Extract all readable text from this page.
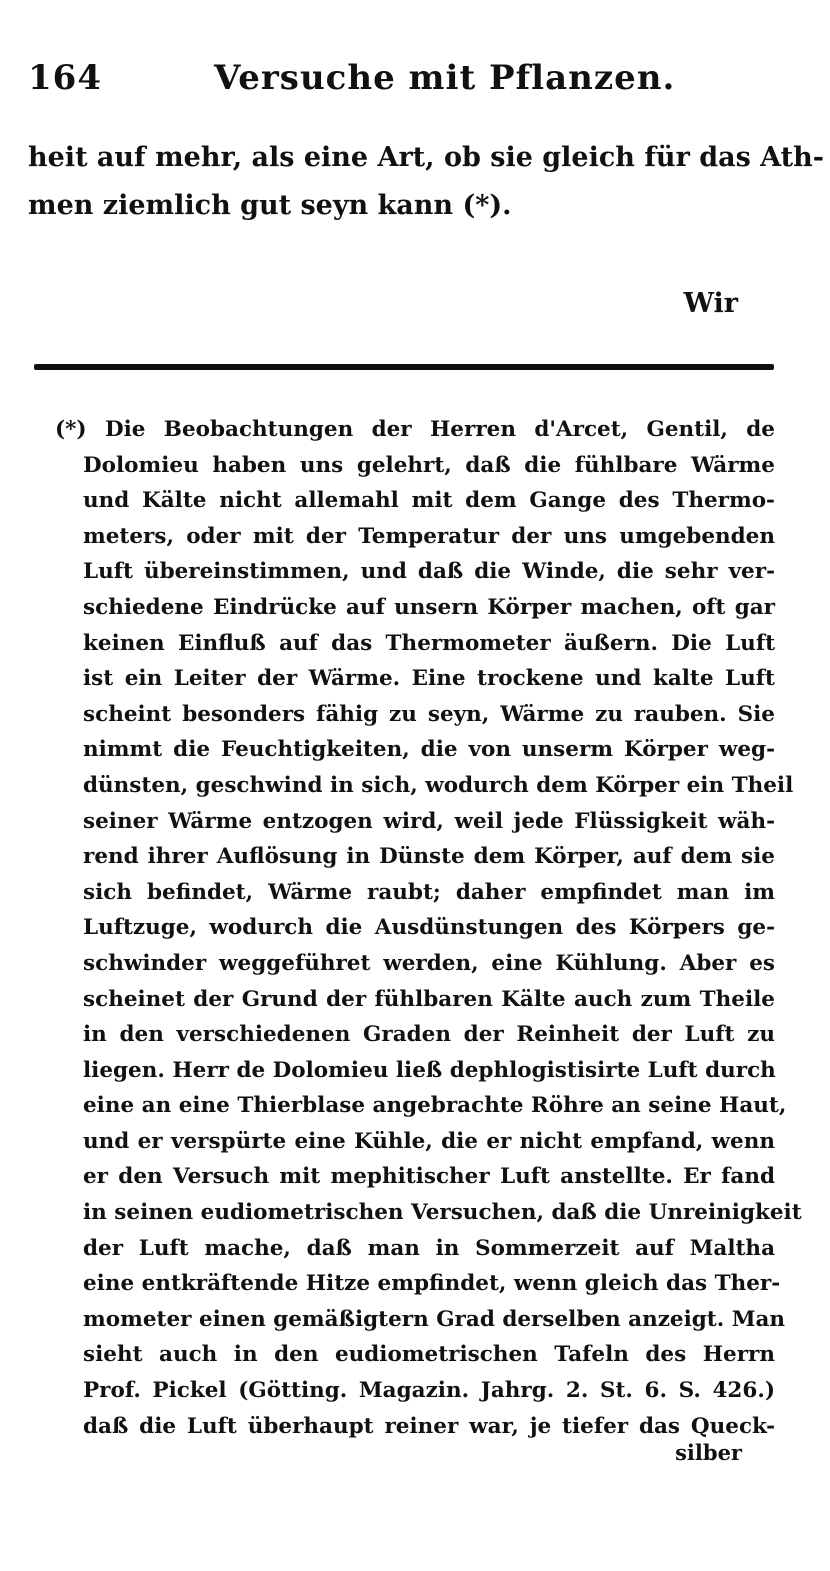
164	Versuche mit Pflanzen.
heit auf mehr, als eine Art, ob sie gleich für das Ath-
men ziemlich gut seyn kann (*).
Wir
(*) Die Beobachtungen der Herren d'Arcet, Gentil, de
Dolomieu haben uns gelehrt, daß die fühlbare Wärme
und Kälte nicht allemahl mit dem Gange des Thermo-
meters, oder mit der Temperatur der uns umgebenden
Luft übereinstimmen, und daß die Winde, die sehr ver-
schiedene Eindrücke auf unsern Körper machen, oft gar
keinen Einfluß auf das Thermometer äußern. Die Luft
ist ein Leiter der Wärme. Eine trockene und kalte Luft
scheint besonders fähig zu seyn, Wärme zu rauben. Sie
nimmt die Feuchtigkeiten, die von unserm Körper weg-
dünsten, geschwind in sich, wodurch dem Körper ein Theil
seiner Wärme entzogen wird, weil jede Flüssigkeit wäh-
rend ihrer Auflösung in Dünste dem Körper, auf dem sie
sich befindet, Wärme raubt; daher empfindet man im
Luftzuge, wodurch die Ausdünstungen des Körpers ge-
schwinder weggeführet werden, eine Kühlung. Aber es
scheinet der Grund der fühlbaren Kälte auch zum Theile
in den verschiedenen Graden der Reinheit der Luft zu
liegen. Herr de Dolomieu ließ dephlogistisirte Luft durch
eine an eine Thierblase angebrachte Röhre an seine Haut,
und er verspürte eine Kühle, die er nicht empfand, wenn
er den Versuch mit mephitischer Luft anstellte. Er fand
in seinen eudiometrischen Versuchen, daß die Unreinigkeit
der Luft mache, daß man in Sommerzeit auf Maltha
eine entkräftende Hitze empfindet, wenn gleich das Ther-
mometer einen gemäßigtern Grad derselben anzeigt. Man
sieht auch in den eudiometrischen Tafeln des Herrn
Prof. Pickel (Götting. Magazin. Jahrg. 2. St. 6. S. 426.)
daß die Luft überhaupt reiner war, je tiefer das Queck-
silber
